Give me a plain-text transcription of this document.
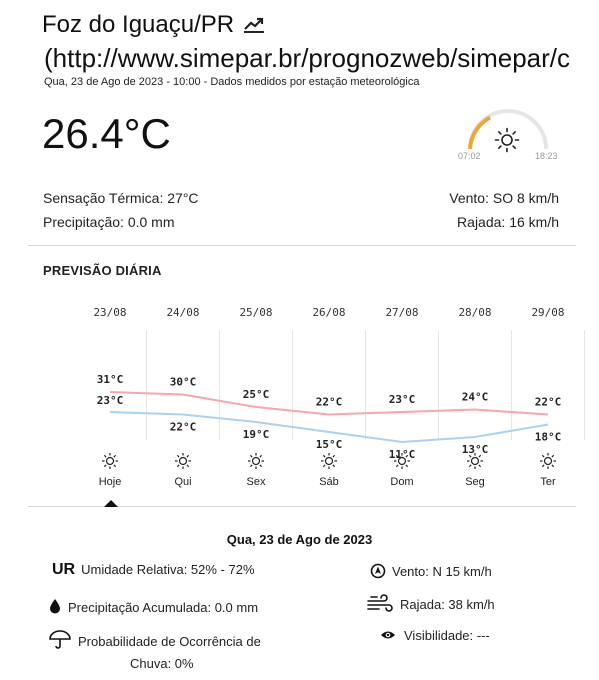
Foz do Iguaçu/PR
(http://www.simepar.br/prognozweb/simepar/c
Qua, 23 de Ago de 2023 - 10:00 - Dados medidos por estação meteorológica
26.4°C	07:02	18:23
Sensação Térmica: 27°C
Precipitação: 0.0 mm
Vento: SO 8 km/h
Rajada: 16 km/h
PREVISÃO DIÁRIA
23/08
31°C
23°C
Hoje
24/08
30°C
22°C
Qui
25/08
25°C
19°C
Sex
26/08
22°C
15°C
Sáb
27/08
23°C
11°C
Dom
28/08
24°C
13°C
Seg
29/08
22°C
18°C
Ter
Qua, 23 de Ago de 2023
UR Umidade Relativa: 52% - 72%
Precipitação Acumulada: 0.0 mm
Probabilidade de Ocorrência de
Chuva: 0%
Vento: N 15 km/h
Rajada: 38 km/h
Visibilidade: ---
